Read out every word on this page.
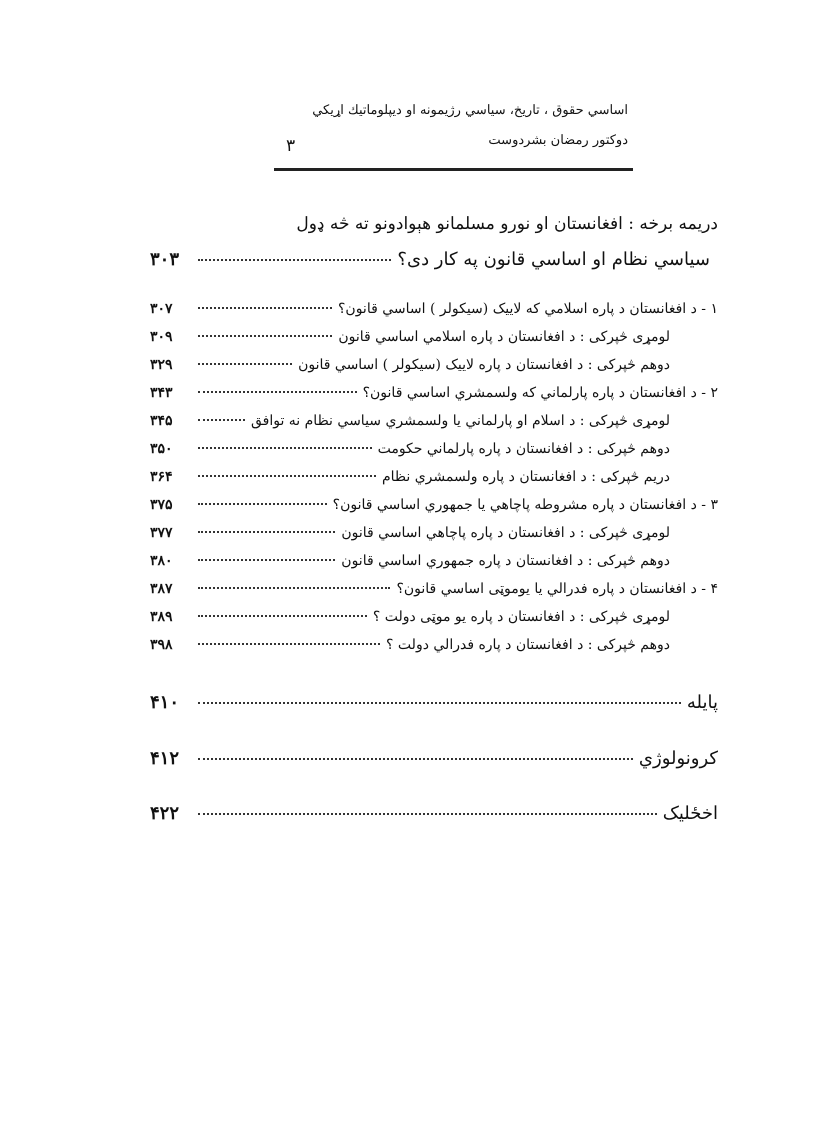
اساسي حقوق ، تاريخ، سياسي رژيمونه او ديپلوماتيك اړيکي
دوکتور رمضان بشردوست
٣
دريمه برخه : افغانستان او نورو مسلمانو هېوادونو ته څه ډول
سياسي نظام او اساسي قانون په کار دی؟
٣٠٣
۱ - د افغانستان د پاره اسلامي که لاييک (سيکولر ) اساسي قانون؟
٣٠٧
لومړی څپرکی : د افغانستان د پاره اسلامي اساسي قانون
٣٠٩
دوهم څپرکی : د افغانستان د پاره لاييک (سيکولر ) اساسي قانون
٣٢٩
٢ - د افغانستان د پاره پارلماني که ولسمشري اساسي قانون؟
٣۴٣
لومړی څپرکی : د اسلام او پارلماني يا ولسمشري سياسي نظام نه توافق
٣۴۵
دوهم څپرکی : د افغانستان د پاره پارلماني حکومت
٣۵٠
دريم څپرکی : د افغانستان د پاره ولسمشري نظام
٣۶۴
٣ - د افغانستان د پاره مشروطه پاچاهي يا جمهوري اساسي قانون؟
٣٧۵
لومړی څپرکی : د افغانستان د پاره پاچاهي اساسي قانون
٣٧٧
دوهم څپرکی : د افغانستان د پاره جمهوري اساسي قانون
٣٨٠
۴ - د افغانستان د پاره فدرالي يا يوموټی اساسي قانون؟
٣٨٧
لومړی څپرکی : د افغانستان د پاره يو موټی دولت ؟
٣٨٩
دوهم څپرکی : د افغانستان د پاره فدرالي دولت ؟
٣٩٨
پايله
۴١٠
کرونولوژي
۴١٢
اخځليک
۴٢٢
